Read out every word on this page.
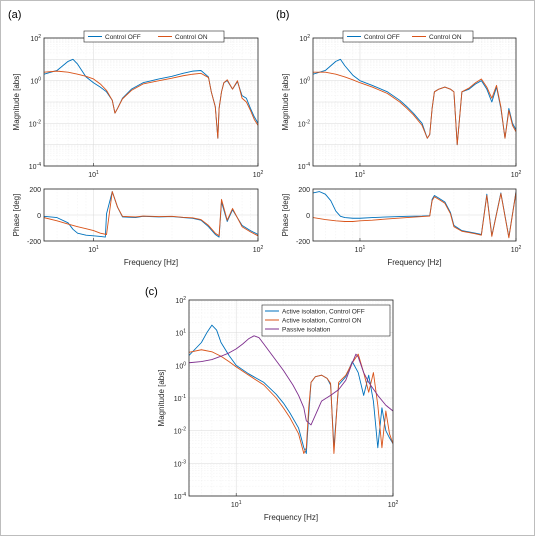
(a)	(b)
(c)
$10^1$	$10^2$
$10^{-4}$
$10^{-2}$
$10^0$
$10^2$
Magnitude [abs]
Control OFF	Control ON
$10^1$	$10^2$
-200
0
200
Phase [deg]
Frequency [Hz]
$10^1$	$10^2$
$10^{-4}$
$10^{-2}$
$10^0$
$10^2$
Magnitude [abs]
Control OFF	Control ON
$10^1$	$10^2$
-200
0
200
Phase [deg]
Frequency [Hz]
$10^1$	$10^2$
$10^{-4}$
$10^{-3}$
$10^{-2}$
$10^{-1}$
$10^0$
$10^1$
$10^2$
Magnitude [abs]
Frequency [Hz]
Active isolation, Control OFF
Active isolation, Control ON
Passive isolation
